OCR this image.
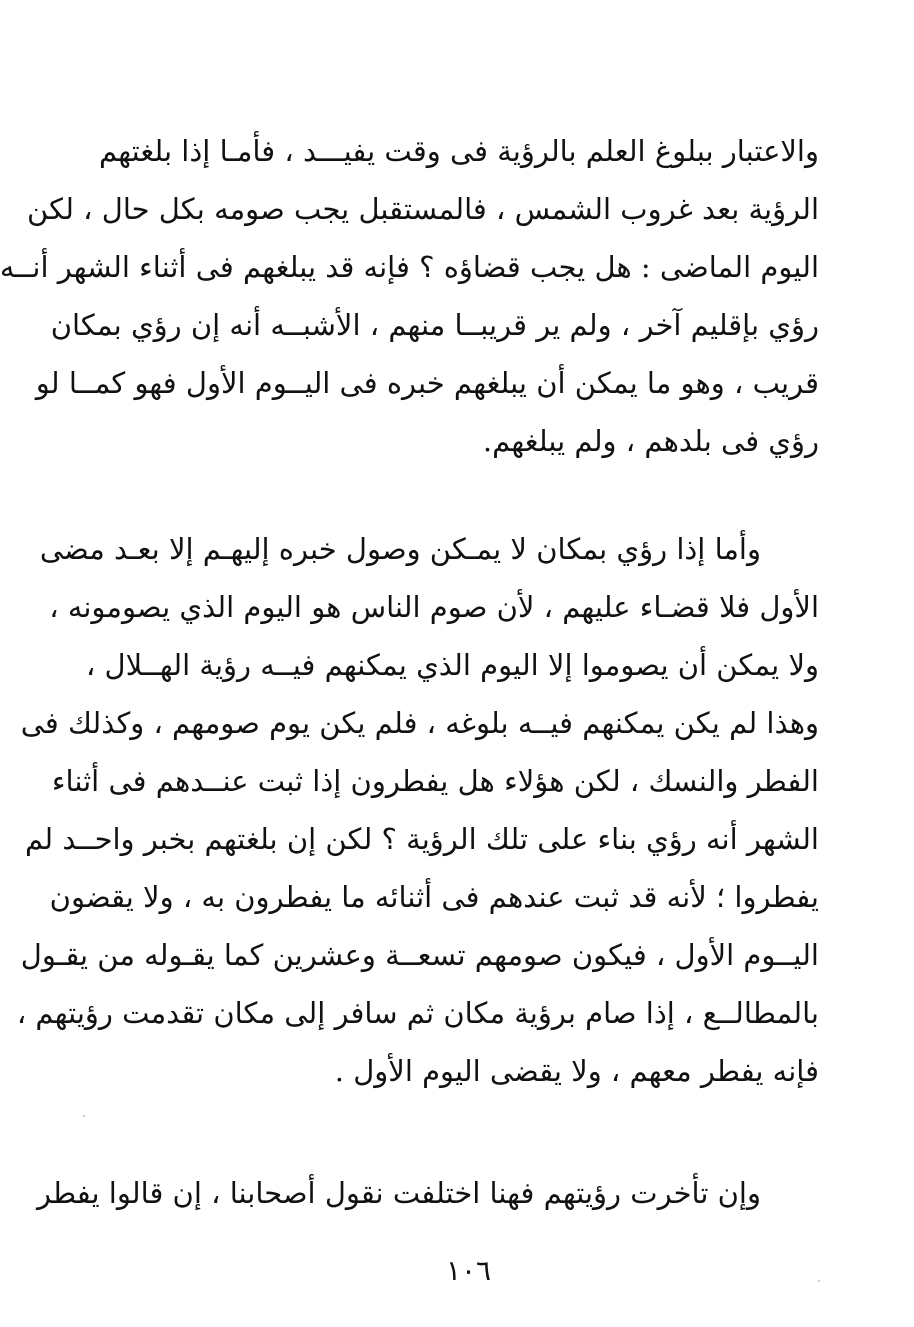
والاعتبار ببلوغ العلم بالرؤية فى وقت يفيـــد ، فأمـا إذا بلغتهم
الرؤية بعد غروب الشمس ، فالمستقبل يجب صومه بكل حال ، لكن
اليوم الماضى : هل يجب قضاؤه ؟ فإنه قد يبلغهم فى أثناء الشهر أنــه
رؤي بإقليم آخر ، ولم ير قريبــا منهم ، الأشبــه أنه إن رؤي بمكان
قريب ، وهو ما يمكن أن يبلغهم خبره فى اليــوم الأول فهو كمــا لو
رؤي فى بلدهم ، ولم يبلغهم.
وأما إذا رؤي بمكان لا يمـكن وصول خبره إليهـم إلا بعـد مضى
الأول فلا قضـاء عليهم ، لأن صوم الناس هو اليوم الذي يصومونه ،
ولا يمكن أن يصوموا إلا اليوم الذي يمكنهم فيــه رؤية الهــلال ،
وهذا لم يكن يمكنهم فيــه بلوغه ، فلم يكن يوم صومهم ، وكذلك فى
الفطر والنسك ، لكن هؤلاء هل يفطرون إذا ثبت عنــدهم فى أثناء
الشهر أنه رؤي بناء على تلك الرؤية ؟ لكن إن بلغتهم بخبر واحــد لم
يفطروا ؛ لأنه قد ثبت عندهم فى أثنائه ما يفطرون به ، ولا يقضون
اليــوم الأول ، فيكون صومهم تسعــة وعشرين كما يقـوله من يقـول
بالمطالــع ، إذا صام برؤية مكان ثم سافر إلى مكان تقدمت رؤيتهم ،
فإنه يفطر معهم ، ولا يقضى اليوم الأول .
وإن تأخرت رؤيتهم فهنا اختلفت نقول أصحابنا ، إن قالوا يفطر
١٠٦
